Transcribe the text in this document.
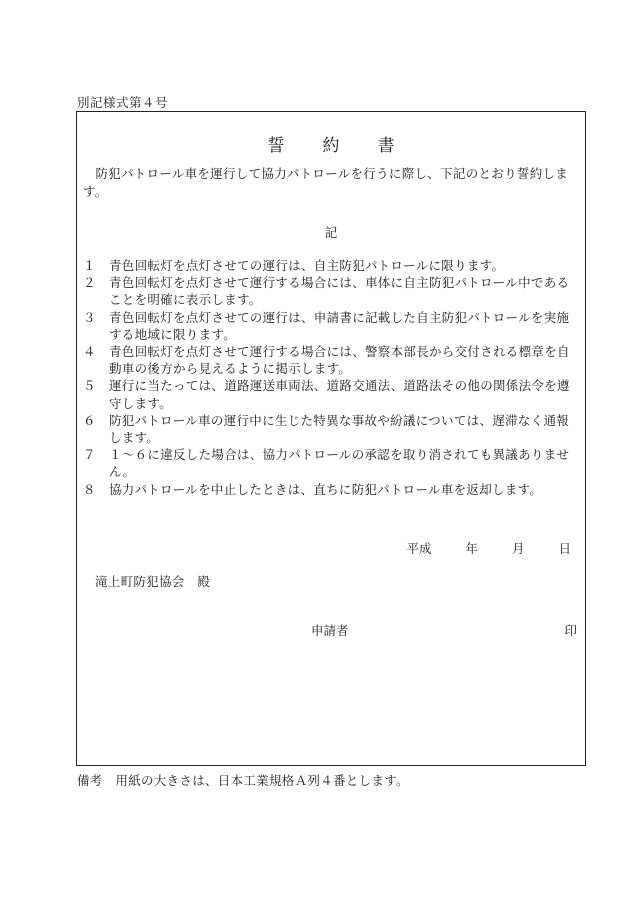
別記様式第４号
誓約書
防犯パトロール車を運行して協力パトロールを行うに際し、下記のとおり誓約します。
記
１	青色回転灯を点灯させての運行は、自主防犯パトロールに限ります。
２	青色回転灯を点灯させて運行する場合には、車体に自主防犯パトロール中であることを明確に表示します。
３	青色回転灯を点灯させての運行は、申請書に記載した自主防犯パトロールを実施する地域に限ります。
４	青色回転灯を点灯させて運行する場合には、警察本部長から交付される標章を自動車の後方から見えるように掲示します。
５	運行に当たっては、道路運送車両法、道路交通法、道路法その他の関係法令を遵守します。
６	防犯パトロール車の運行中に生じた特異な事故や紛議については、遅滞なく通報します。
７	１～６に違反した場合は、協力パトロールの承認を取り消されても異議ありません。
８	協力パトロールを中止したときは、直ちに防犯パトロール車を返却します。
平成	年	月	日
滝上町防犯協会　殿
申請者	印
備考　用紙の大きさは、日本工業規格Ａ列４番とします。
